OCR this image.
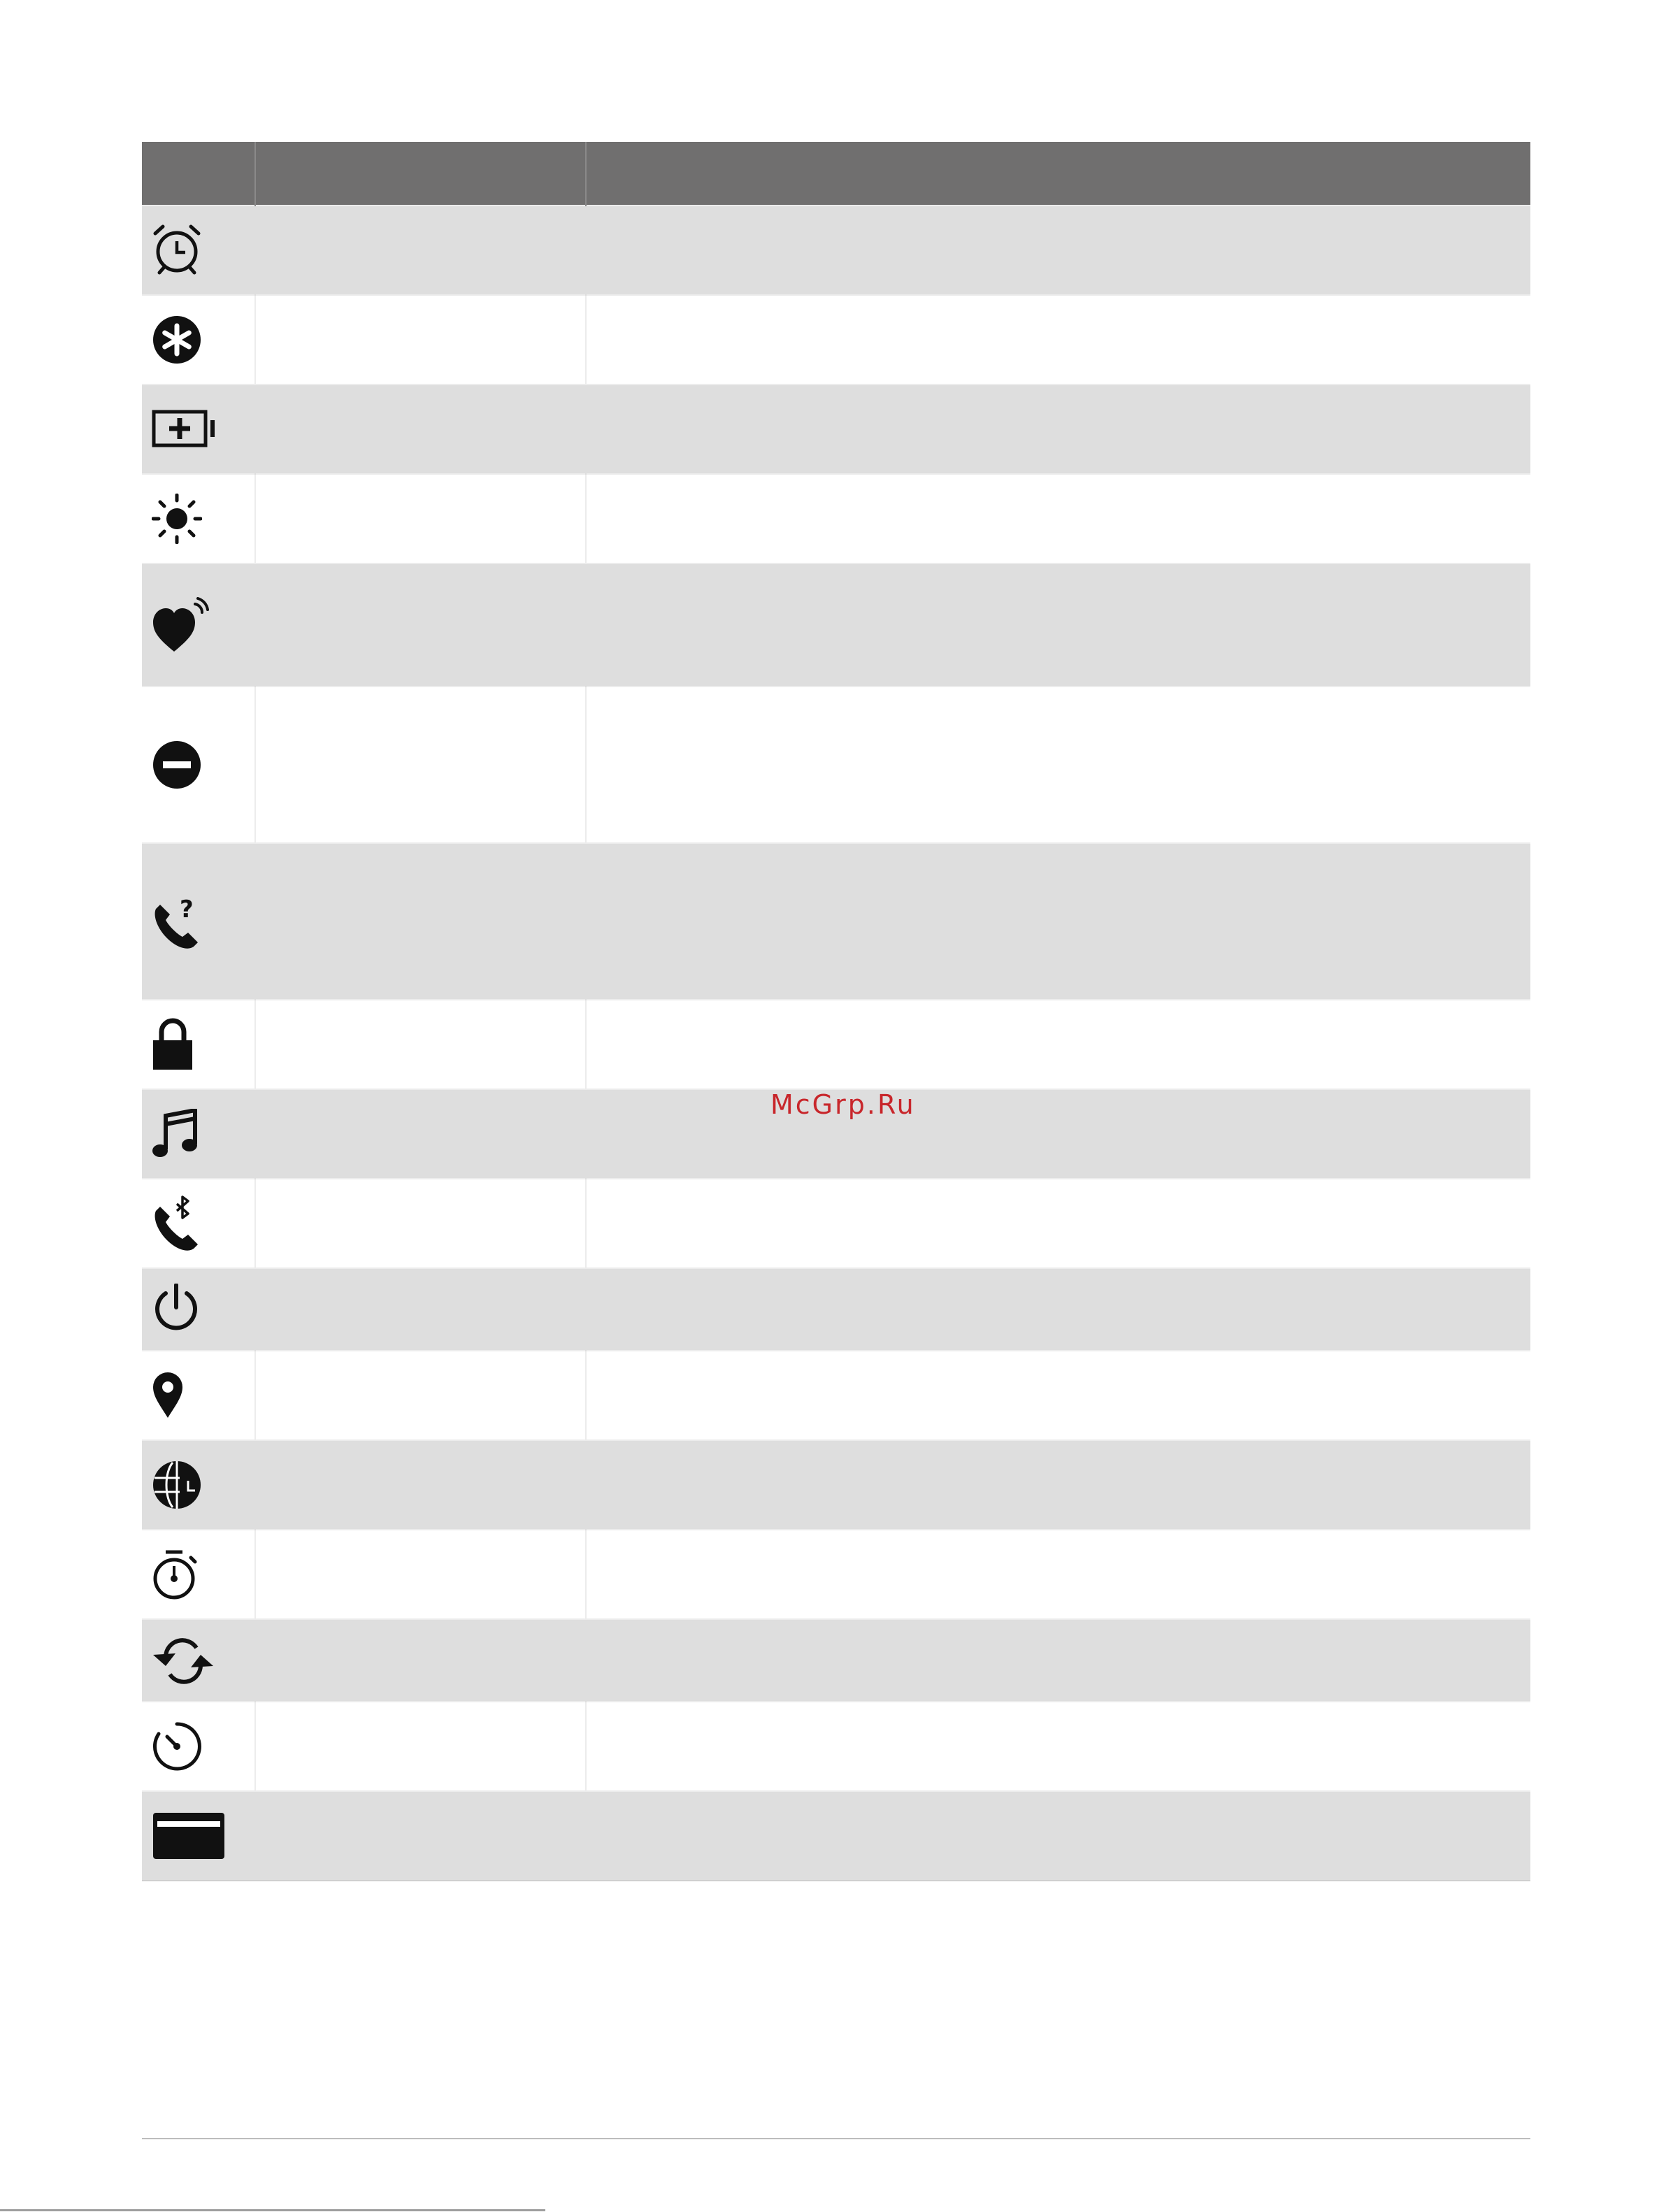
?		

McGrp.Ru
